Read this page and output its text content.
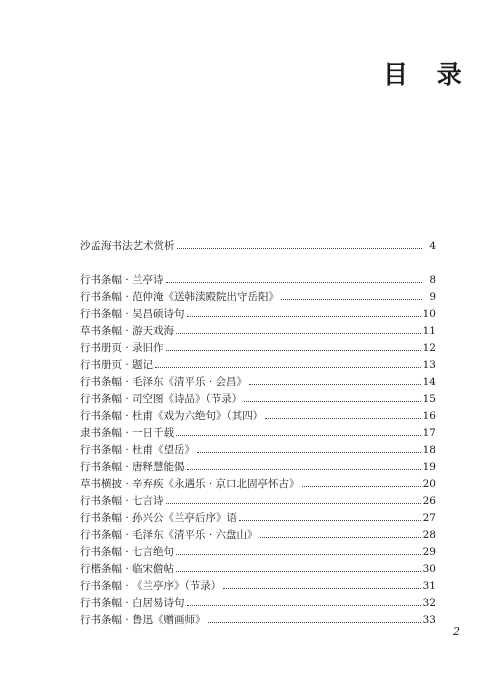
目 录
沙孟海书法艺术赏析	4
行书条幅 · 兰亭诗	8
行书条幅 · 范仲淹《送韩渎殿院出守岳阳》	9
行书条幅 · 吴昌硕诗句	10
草书条幅 · 游天戏海	11
行书册页 · 录旧作	12
行书册页 · 题记	13
行书条幅 · 毛泽东《清平乐 · 会昌》	14
行书条幅 · 司空图《诗品》（节录）	15
行书条幅 · 杜甫《戏为六绝句》（其四）	16
隶书条幅 · 一日千载	17
行书条幅 · 杜甫《望岳》	18
行书条幅 · 唐释慧能偈	19
草书横披 · 辛弃疾《永遇乐 · 京口北固亭怀古》	20
行书条幅 · 七言诗	26
行书条幅 · 孙兴公《兰亭后序》语	27
行书条幅 · 毛泽东《清平乐 · 六盘山》	28
行书条幅 · 七言绝句	29
行楷条幅 · 临宋儋帖	30
行书条幅 · 《兰亭序》（节录）	31
行书条幅 · 白居易诗句	32
行书条幅 · 鲁迅《赠画师》	33
2
